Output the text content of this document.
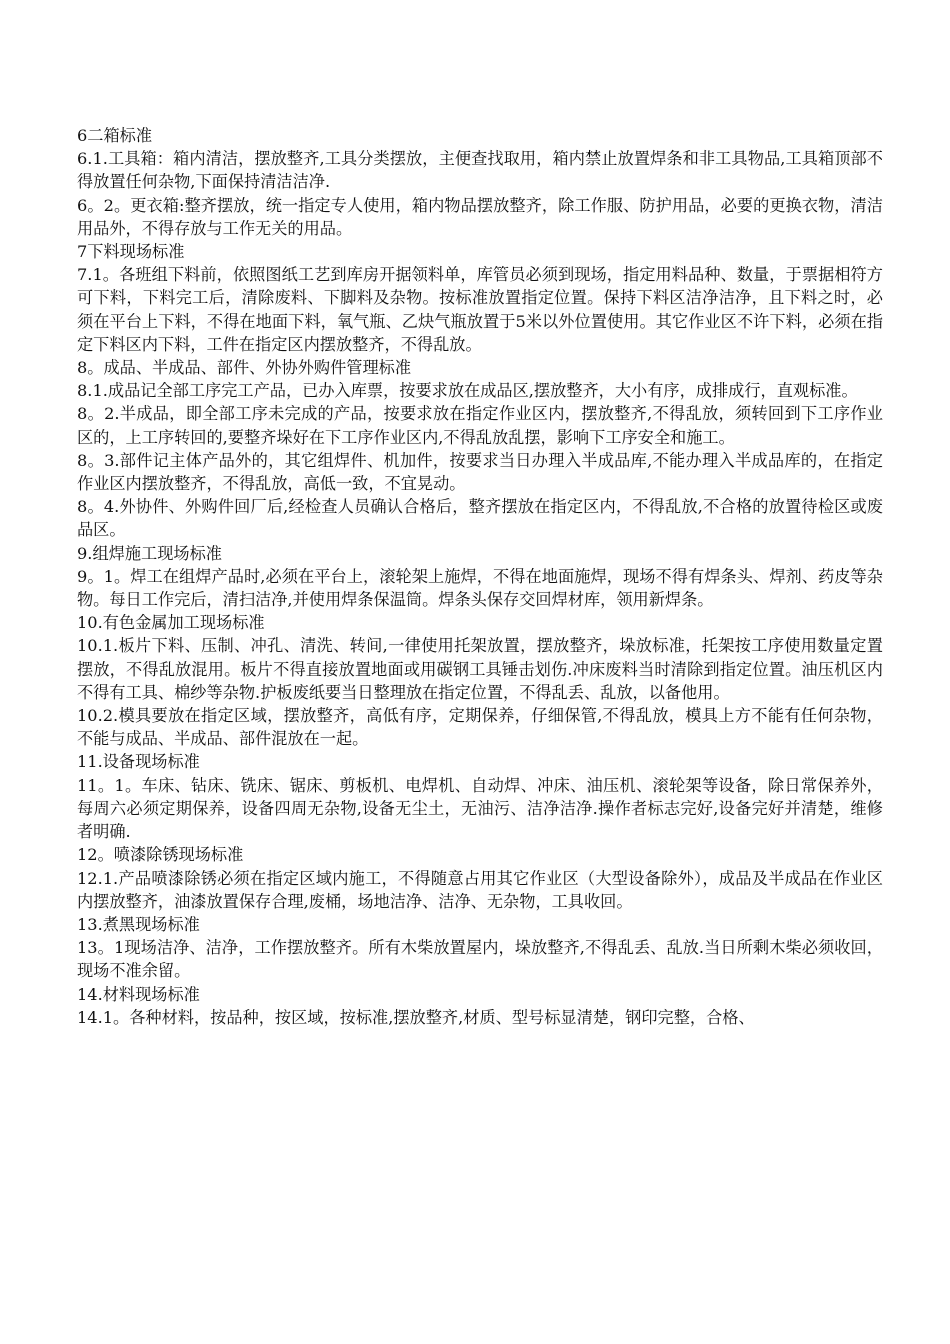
6二箱标准
6.1.工具箱：箱内清洁，摆放整齐,工具分类摆放，主便查找取用，箱内禁止放置焊条和非工具物品,工具箱顶部不得放置任何杂物,下面保持清洁洁净.
6。2。更衣箱:整齐摆放，统一指定专人使用，箱内物品摆放整齐，除工作服、防护用品，必要的更换衣物，清洁用品外，不得存放与工作无关的用品。
7下料现场标准
7.1。各班组下料前，依照图纸工艺到库房开据领料单，库管员必须到现场，指定用料品种、数量，于票据相符方可下料，下料完工后，清除废料、下脚料及杂物。按标准放置指定位置。保持下料区洁净洁净，且下料之时，必须在平台上下料，不得在地面下料，氧气瓶、乙炔气瓶放置于5米以外位置使用。其它作业区不许下料，必须在指定下料区内下料，工件在指定区内摆放整齐，不得乱放。
8。成品、半成品、部件、外协外购件管理标准
8.1.成品记全部工序完工产品，已办入库票，按要求放在成品区,摆放整齐，大小有序，成排成行，直观标准。
8。2.半成品，即全部工序未完成的产品，按要求放在指定作业区内，摆放整齐,不得乱放，须转回到下工序作业区的，上工序转回的,要整齐垛好在下工序作业区内,不得乱放乱摆，影响下工序安全和施工。
8。3.部件记主体产品外的，其它组焊件、机加件，按要求当日办理入半成品库,不能办理入半成品库的，在指定作业区内摆放整齐，不得乱放，高低一致，不宜晃动。
8。4.外协件、外购件回厂后,经检查人员确认合格后，整齐摆放在指定区内，不得乱放,不合格的放置待检区或废品区。
9.组焊施工现场标准
9。1。焊工在组焊产品时,必须在平台上，滚轮架上施焊，不得在地面施焊，现场不得有焊条头、焊剂、药皮等杂物。每日工作完后，清扫洁净,并使用焊条保温筒。焊条头保存交回焊材库，领用新焊条。
10.有色金属加工现场标准
10.1.板片下料、压制、冲孔、清洗、转间,一律使用托架放置，摆放整齐，垛放标准，托架按工序使用数量定置摆放，不得乱放混用。板片不得直接放置地面或用碳钢工具锤击划伤.冲床废料当时清除到指定位置。油压机区内不得有工具、棉纱等杂物.护板废纸要当日整理放在指定位置，不得乱丢、乱放，以备他用。
10.2.模具要放在指定区域，摆放整齐，高低有序，定期保养，仔细保管,不得乱放，模具上方不能有任何杂物，不能与成品、半成品、部件混放在一起。
11.设备现场标准
11。1。车床、钻床、铣床、锯床、剪板机、电焊机、自动焊、冲床、油压机、滚轮架等设备，除日常保养外，每周六必须定期保养，设备四周无杂物,设备无尘土，无油污、洁净洁净.操作者标志完好,设备完好并清楚，维修者明确.
12。喷漆除锈现场标准
12.1.产品喷漆除锈必须在指定区域内施工，不得随意占用其它作业区（大型设备除外），成品及半成品在作业区内摆放整齐，油漆放置保存合理,废桶，场地洁净、洁净、无杂物，工具收回。
13.煮黑现场标准
13。1现场洁净、洁净，工作摆放整齐。所有木柴放置屋内，垛放整齐,不得乱丢、乱放.当日所剩木柴必须收回，现场不准余留。
14.材料现场标准
14.1。各种材料，按品种，按区域，按标准,摆放整齐,材质、型号标显清楚，钢印完整，合格、
